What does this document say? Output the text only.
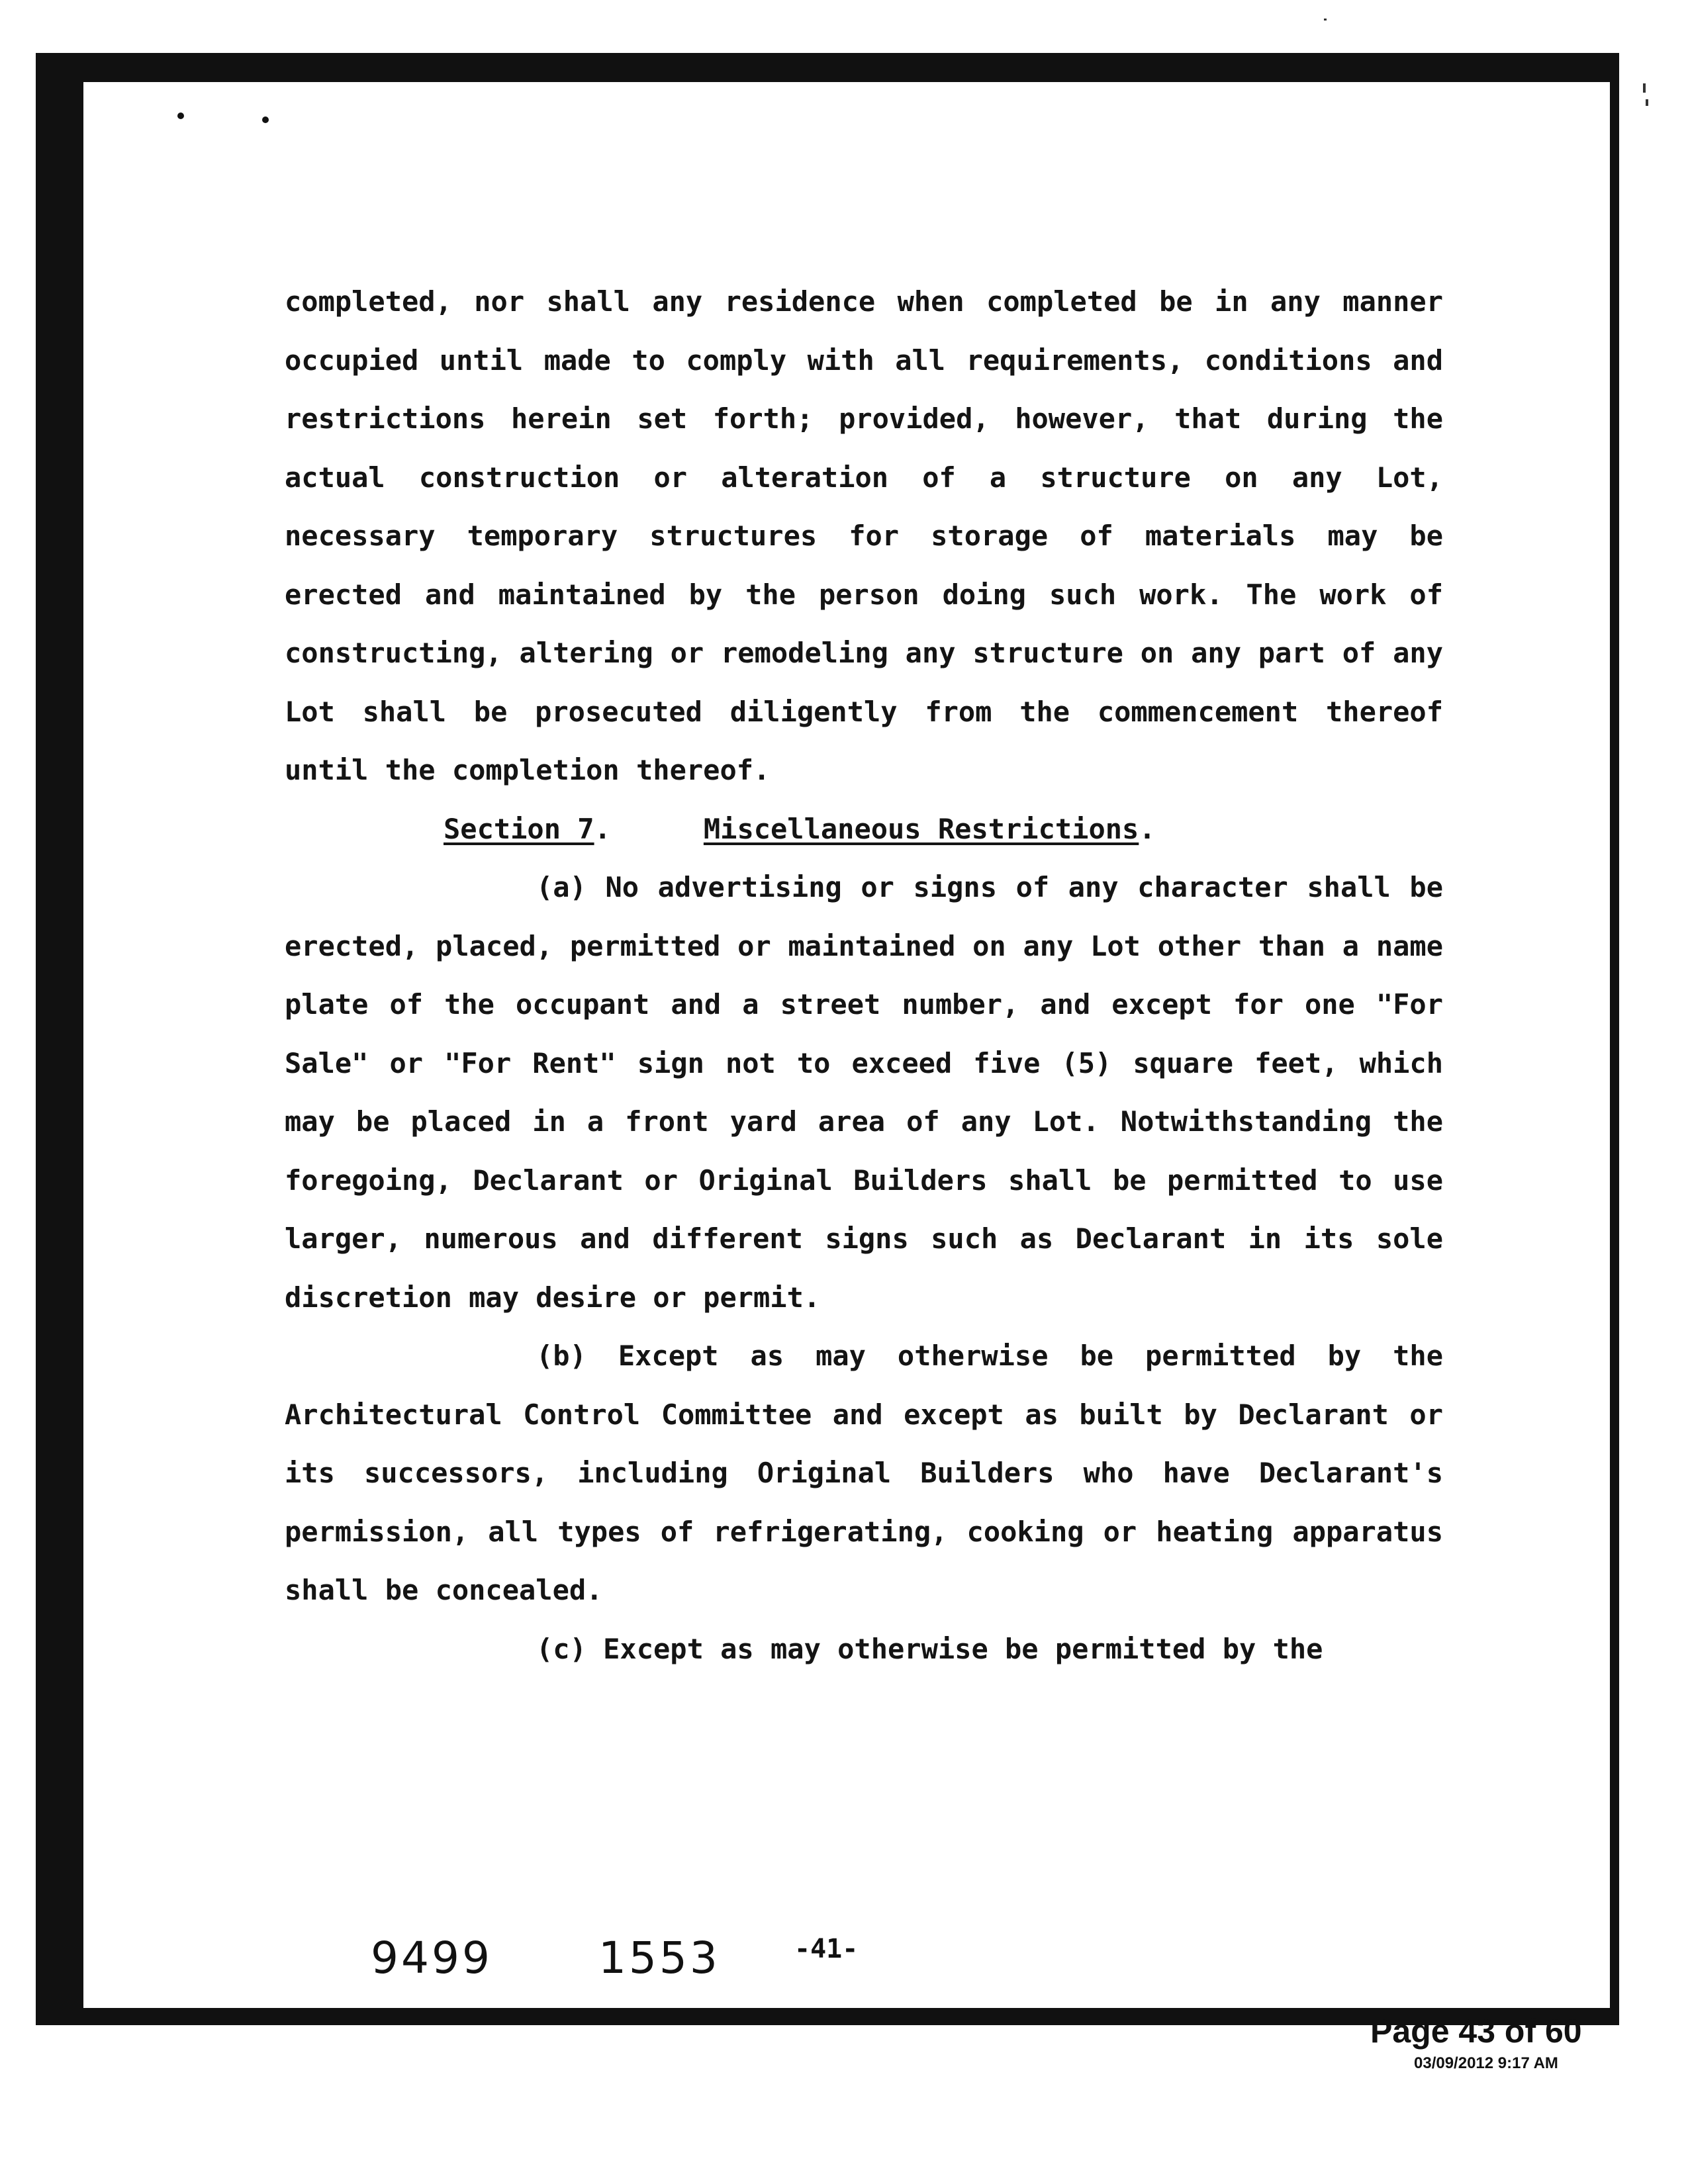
completed, nor shall any residence when completed be in any manner occupied until made to comply with all requirements, conditions and restrictions herein set forth; provided, however, that during the actual construction or alteration of a structure on any Lot, necessary temporary structures for storage of materials may be erected and maintained by the person doing such work. The work of constructing, altering or remodeling any structure on any part of any Lot shall be prosecuted diligently from the commencement thereof until the completion thereof.

Section 7.	Miscellaneous Restrictions.

(a) No advertising or signs of any character shall be erected, placed, permitted or maintained on any Lot other than a name plate of the occupant and a street number, and except for one "For Sale" or "For Rent" sign not to exceed five (5) square feet, which may be placed in a front yard area of any Lot. Notwithstanding the foregoing, Declarant or Original Builders shall be permitted to use larger, numerous and different signs such as Declarant in its sole discretion may desire or permit.

(b) Except as may otherwise be permitted by the Architectural Control Committee and except as built by Declarant or its successors, including Original Builders who have Declarant's permission, all types of refrigerating, cooking or heating apparatus shall be concealed.

(c) Except as may otherwise be permitted by the

9499 1553	-41-
Page 43 of 60
03/09/2012 9:17 AM
